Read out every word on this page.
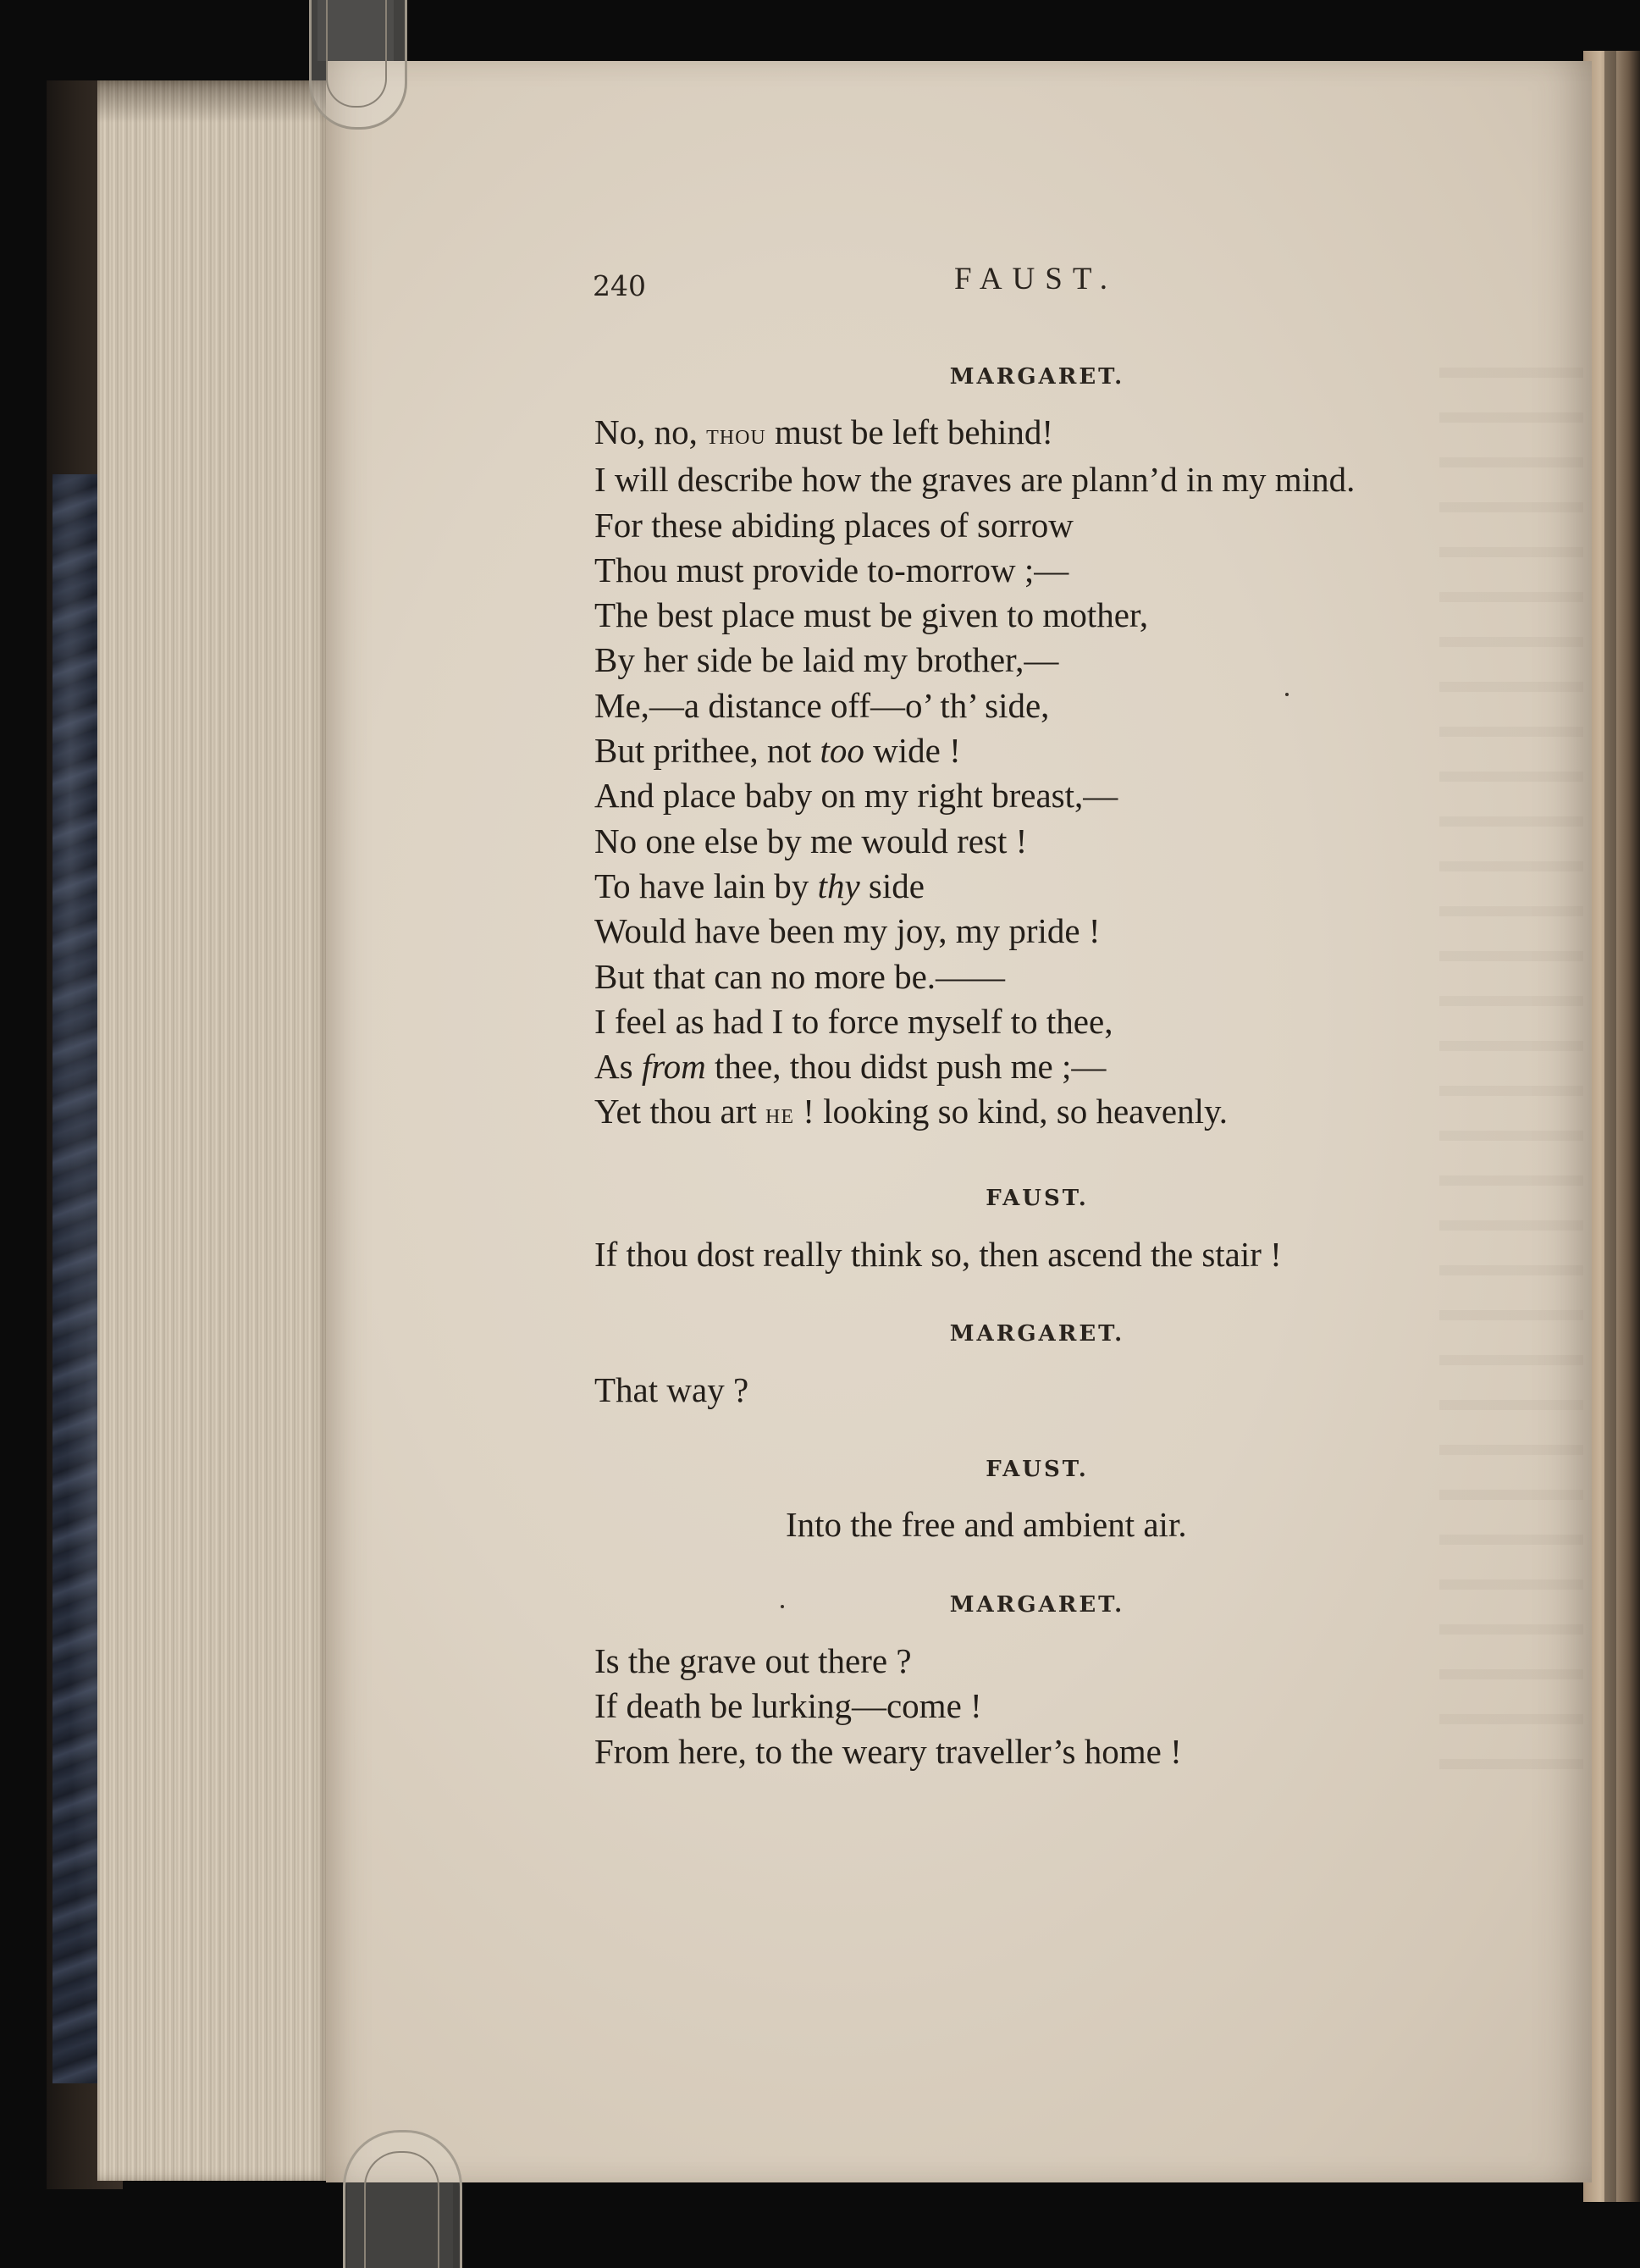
240	FAUST.
MARGARET.
No, no, thou must be left behind!
I will describe how the graves are plann’d in my mind.
For these abiding places of sorrow
Thou must provide to-morrow ;—
The best place must be given to mother,
By her side be laid my brother,—
Me,—a distance off—o’ th’ side,
But prithee, not too wide !
And place baby on my right breast,—
No one else by me would rest !
To have lain by thy side
Would have been my joy, my pride !
But that can no more be.——
I feel as had I to force myself to thee,
As from thee, thou didst push me ;—
Yet thou art he ! looking so kind, so heavenly.
FAUST.
If thou dost really think so, then ascend the stair !
MARGARET.
That way ?
FAUST.
Into the free and ambient air.
MARGARET.
Is the grave out there ?
If death be lurking—come !
From here, to the weary traveller’s home !
